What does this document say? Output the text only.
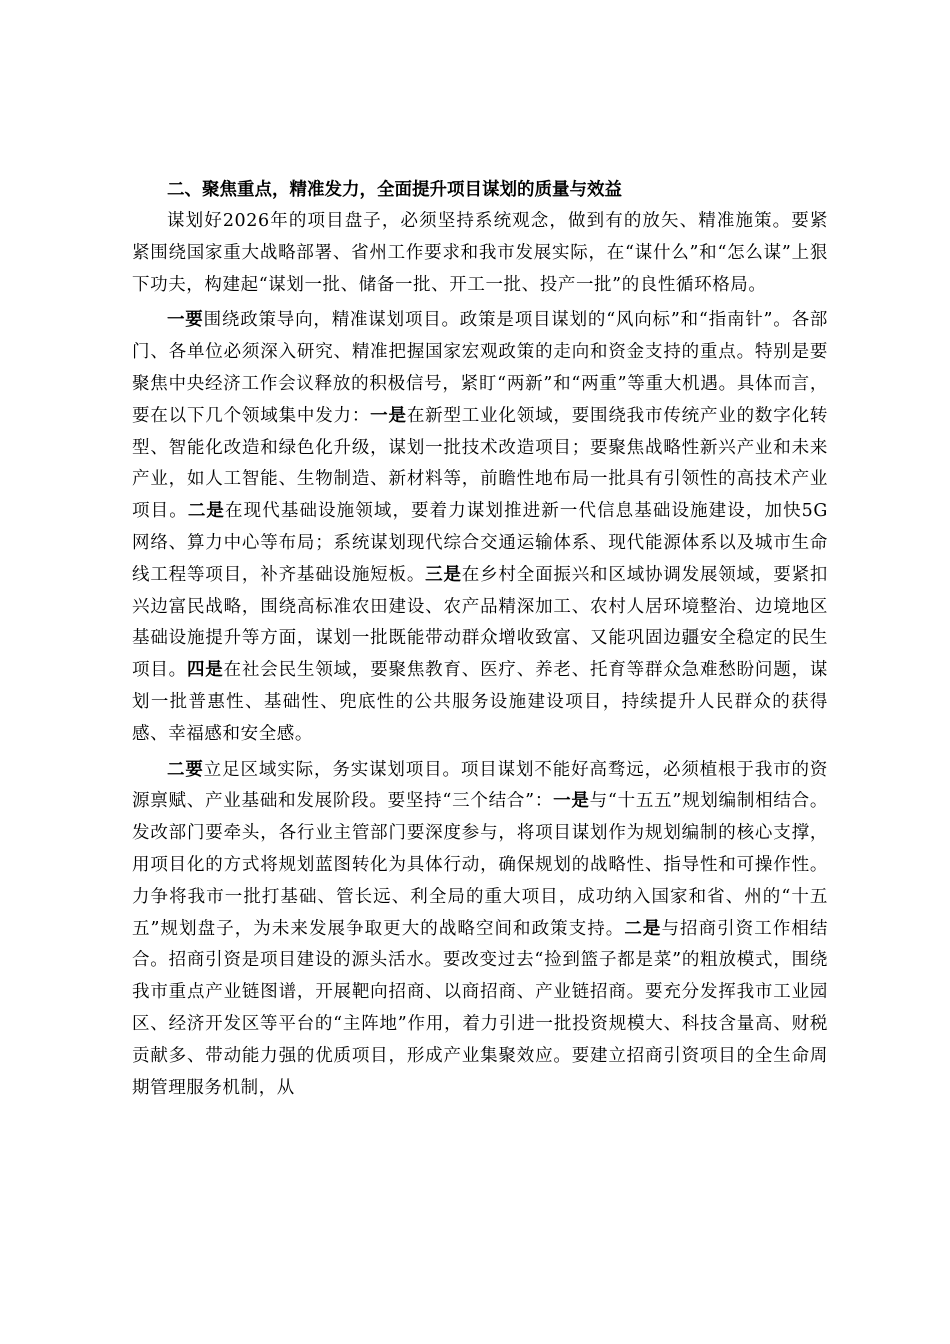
二、聚焦重点，精准发力，全面提升项目谋划的质量与效益

谋划好2026年的项目盘子，必须坚持系统观念，做到有的放矢、精准施策。要紧紧围绕国家重大战略部署、省州工作要求和我市发展实际，在“谋什么”和“怎么谋”上狠下功夫，构建起“谋划一批、储备一批、开工一批、投产一批”的良性循环格局。

一要围绕政策导向，精准谋划项目。政策是项目谋划的“风向标”和“指南针”。各部门、各单位必须深入研究、精准把握国家宏观政策的走向和资金支持的重点。特别是要聚焦中央经济工作会议释放的积极信号，紧盯“两新”和“两重”等重大机遇。具体而言，要在以下几个领域集中发力：一是在新型工业化领域，要围绕我市传统产业的数字化转型、智能化改造和绿色化升级，谋划一批技术改造项目；要聚焦战略性新兴产业和未来产业，如人工智能、生物制造、新材料等，前瞻性地布局一批具有引领性的高技术产业项目。二是在现代基础设施领域，要着力谋划推进新一代信息基础设施建设，加快5G网络、算力中心等布局；系统谋划现代综合交通运输体系、现代能源体系以及城市生命线工程等项目，补齐基础设施短板。三是在乡村全面振兴和区域协调发展领域，要紧扣兴边富民战略，围绕高标准农田建设、农产品精深加工、农村人居环境整治、边境地区基础设施提升等方面，谋划一批既能带动群众增收致富、又能巩固边疆安全稳定的民生项目。四是在社会民生领域，要聚焦教育、医疗、养老、托育等群众急难愁盼问题，谋划一批普惠性、基础性、兜底性的公共服务设施建设项目，持续提升人民群众的获得感、幸福感和安全感。

二要立足区域实际，务实谋划项目。项目谋划不能好高骛远，必须植根于我市的资源禀赋、产业基础和发展阶段。要坚持“三个结合”：一是与“十五五”规划编制相结合。发改部门要牵头，各行业主管部门要深度参与，将项目谋划作为规划编制的核心支撑，用项目化的方式将规划蓝图转化为具体行动，确保规划的战略性、指导性和可操作性。力争将我市一批打基础、管长远、利全局的重大项目，成功纳入国家和省、州的“十五五”规划盘子，为未来发展争取更大的战略空间和政策支持。二是与招商引资工作相结合。招商引资是项目建设的源头活水。要改变过去“捡到篮子都是菜”的粗放模式，围绕我市重点产业链图谱，开展靶向招商、以商招商、产业链招商。要充分发挥我市工业园区、经济开发区等平台的“主阵地”作用，着力引进一批投资规模大、科技含量高、财税贡献多、带动能力强的优质项目，形成产业集聚效应。要建立招商引资项目的全生命周期管理服务机制，从
